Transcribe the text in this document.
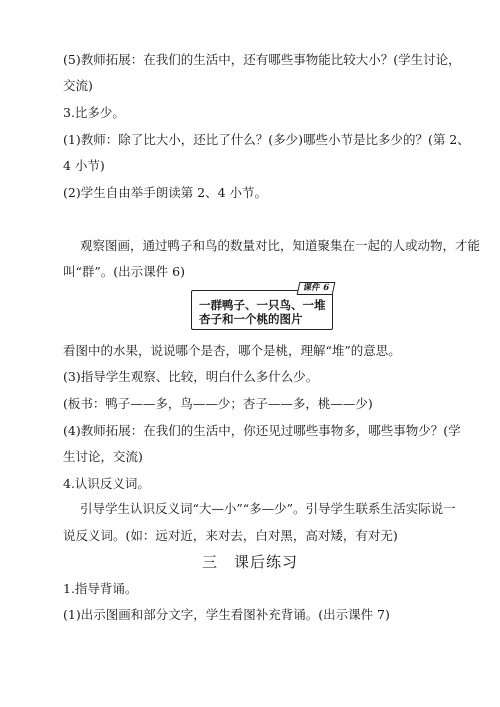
(5)教师拓展：在我们的生活中，还有哪些事物能比较大小？(学生讨论，
交流)
3.比多少。
(1)教师：除了比大小，还比了什么？(多少)哪些小节是比多少的？(第 2、
4 小节)
(2)学生自由举手朗读第 2、4 小节。
观察图画，通过鸭子和鸟的数量对比，知道聚集在一起的人或动物，才能
叫“群”。(出示课件 6)
课件 6
一群鸭子、一只鸟、一堆
杏子和一个桃的图片
看图中的水果，说说哪个是杏，哪个是桃，理解“堆”的意思。
(3)指导学生观察、比较，明白什么多什么少。
(板书：鸭子——多，鸟——少；杏子——多，桃——少)
(4)教师拓展：在我们的生活中，你还见过哪些事物多，哪些事物少？(学
生讨论，交流)
4.认识反义词。
引导学生认识反义词“大—小”“多—少”。引导学生联系生活实际说一
说反义词。(如：远对近，来对去，白对黑，高对矮，有对无)
三　课后练习
1.指导背诵。
(1)出示图画和部分文字，学生看图补充背诵。(出示课件 7)
